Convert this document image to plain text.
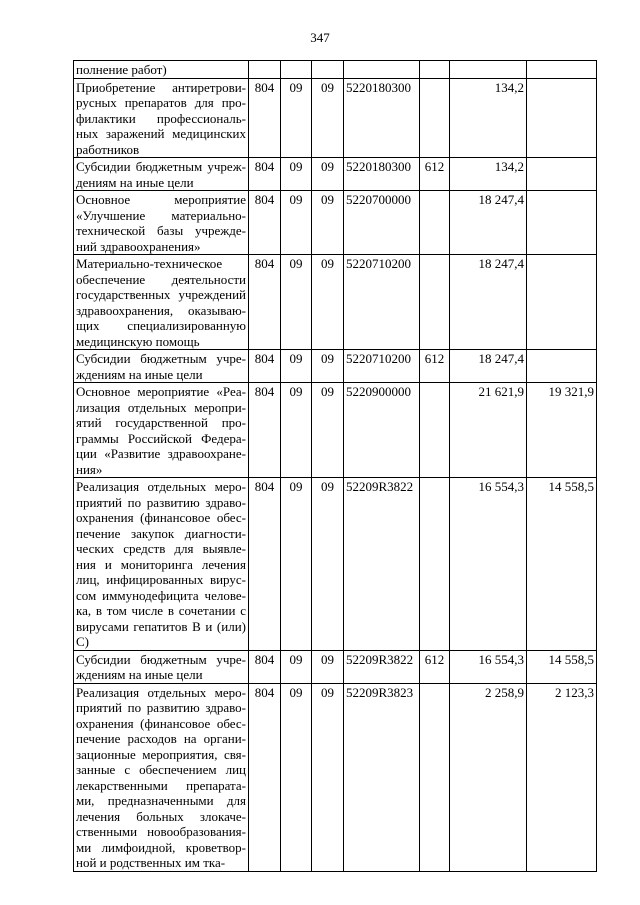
347
полнение работ)							
Приобретение антиретрови-русных препаратов для про-филактики профессиональ-ных заражений медицинских работников	804	09	09	5220180300		134,2	
Субсидии бюджетным учреж-дениям на иные цели	804	09	09	5220180300	612	134,2	
Основное мероприятие «Улучшение материально-технической базы учрежде-ний здравоохранения»	804	09	09	5220700000		18 247,4	
Материально-техническое обеспечение деятельности государственных учреждений здравоохранения, оказываю-щих специализированную медицинскую помощь	804	09	09	5220710200		18 247,4	
Субсидии бюджетным учре-ждениям на иные цели	804	09	09	5220710200	612	18 247,4	
Основное мероприятие «Реа-лизация отдельных меропри-ятий государственной про-граммы Российской Федера-ции «Развитие здравоохране-ния»	804	09	09	5220900000		21 621,9	19 321,9
Реализация отдельных меро-приятий по развитию здраво-охранения (финансовое обес-печение закупок диагности-ческих средств для выявле-ния и мониторинга лечения лиц, инфицированных вирус-сом иммунодефицита челове-ка, в том числе в сочетании с вирусами гепатитов В и (или) С)	804	09	09	52209R3822		16 554,3	14 558,5
Субсидии бюджетным учре-ждениям на иные цели	804	09	09	52209R3822	612	16 554,3	14 558,5
Реализация отдельных меро-приятий по развитию здраво-охранения (финансовое обес-печение расходов на органи-зационные мероприятия, свя-занные с обеспечением лиц лекарственными препарата-ми, предназначенными для лечения больных злокаче-ственными новообразования-ми лимфоидной, кроветвор-ной и родственных им тка-	804	09	09	52209R3823		2 258,9	2 123,3
